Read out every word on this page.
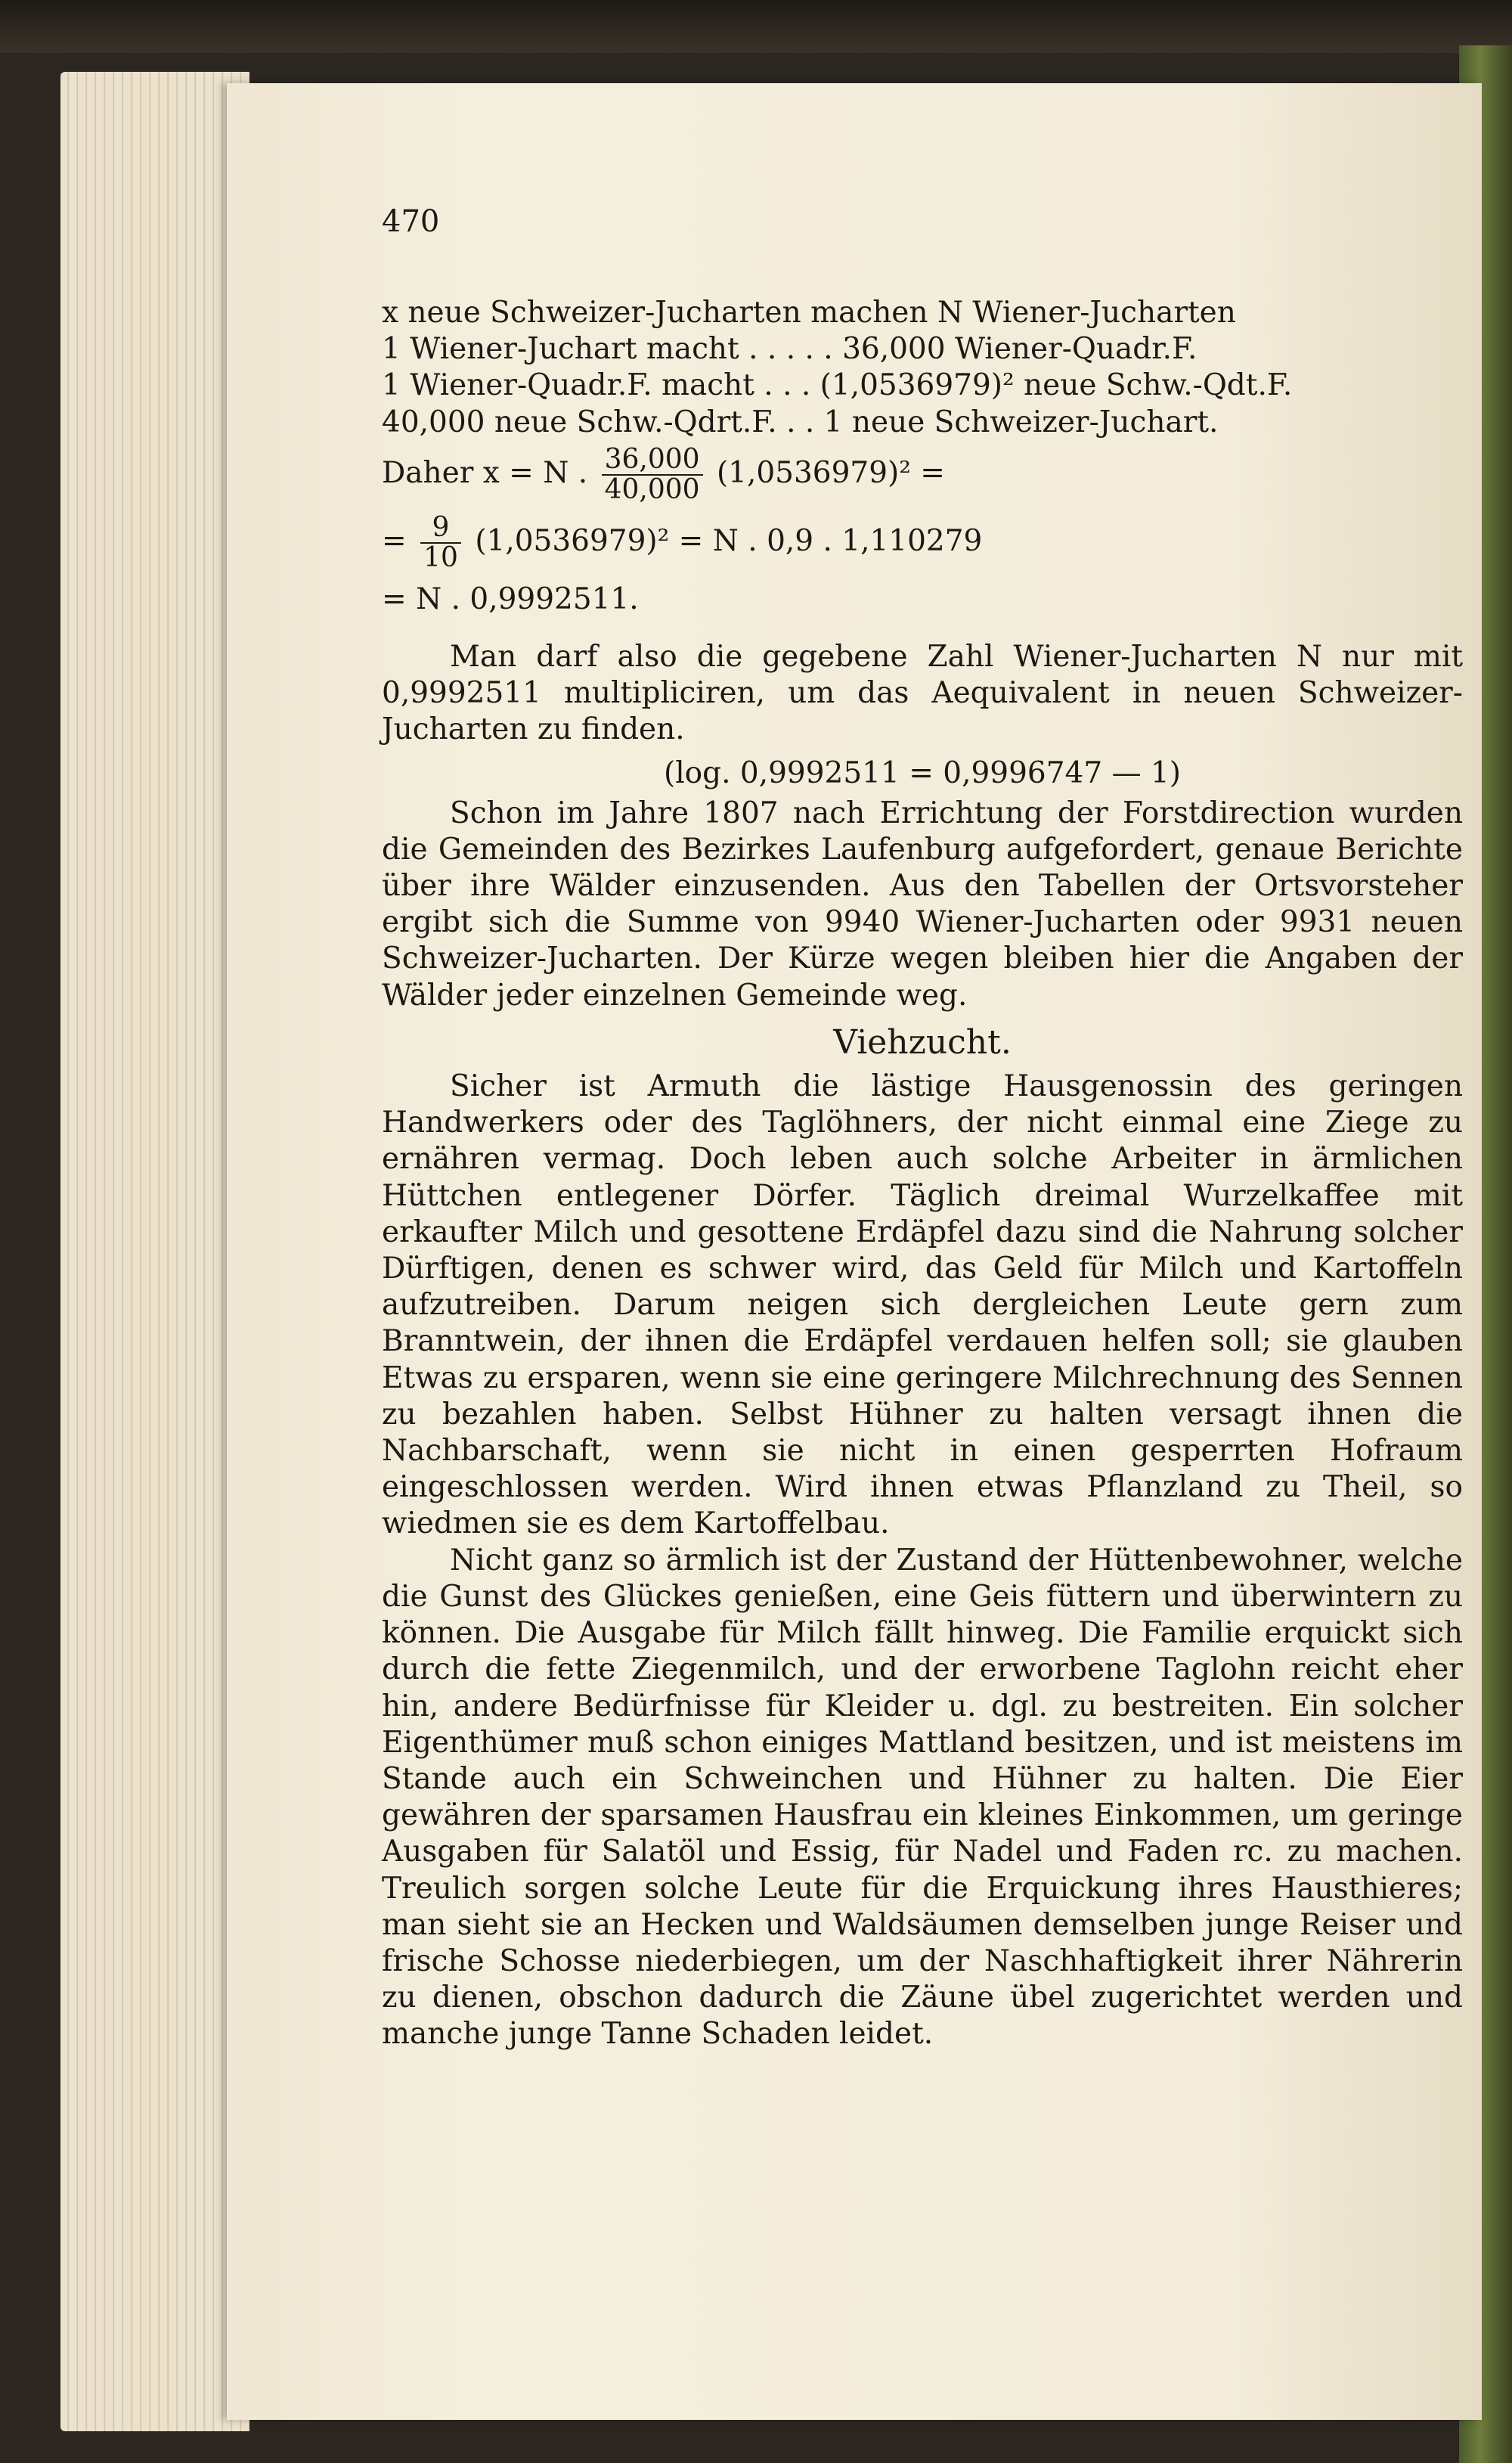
470
x neue Schweizer-Jucharten machen N Wiener-Jucharten
1 Wiener-Juchart macht . . . . . 36,000 Wiener-Quadr.F.
1 Wiener-Quadr.F. macht . . . (1,0536979)² neue Schw.-Qdt.F.
40,000 neue Schw.-Qdrt.F. . . 1 neue Schweizer-Juchart.
Daher x = N . $\frac{36,000}{40,000} (1,0536979)^2$ =
= $\frac{9}{10} (1,0536979)^2 = N$ . 0,9 . 1,110279
= N . 0,9992511.

Man darf also die gegebene Zahl Wiener-Jucharten N nur mit 0,9992511 multipliciren, um das Aequivalent in neuen Schweizer-Jucharten zu finden.

(log. 0,9992511 = 0,9996747 — 1)

Schon im Jahre 1807 nach Errichtung der Forstdirection wurden die Gemeinden des Bezirkes Laufenburg aufgefordert, genaue Berichte über ihre Wälder einzusenden. Aus den Tabellen der Ortsvorsteher ergibt sich die Summe von 9940 Wiener-Jucharten oder 9931 neuen Schweizer-Jucharten. Der Kürze wegen bleiben hier die Angaben der Wälder jeder einzelnen Gemeinde weg.

Viehzucht.

Sicher ist Armuth die lästige Hausgenossin des geringen Handwerkers oder des Taglöhners, der nicht einmal eine Ziege zu ernähren vermag. Doch leben auch solche Arbeiter in ärmlichen Hüttchen entlegener Dörfer. Täglich dreimal Wurzelkaffee mit erkaufter Milch und gesottene Erdäpfel dazu sind die Nahrung solcher Dürftigen, denen es schwer wird, das Geld für Milch und Kartoffeln aufzutreiben. Darum neigen sich dergleichen Leute gern zum Branntwein, der ihnen die Erdäpfel verdauen helfen soll; sie glauben Etwas zu ersparen, wenn sie eine geringere Milchrechnung des Sennen zu bezahlen haben. Selbst Hühner zu halten versagt ihnen die Nachbarschaft, wenn sie nicht in einen gesperrten Hofraum eingeschlossen werden. Wird ihnen etwas Pflanzland zu Theil, so wiedmen sie es dem Kartoffelbau.

Nicht ganz so ärmlich ist der Zustand der Hüttenbewohner, welche die Gunst des Glückes genießen, eine Geis füttern und überwintern zu können. Die Ausgabe für Milch fällt hinweg. Die Familie erquickt sich durch die fette Ziegenmilch, und der erworbene Taglohn reicht eher hin, andere Bedürfnisse für Kleider u. dgl. zu bestreiten. Ein solcher Eigenthümer muß schon einiges Mattland besitzen, und ist meistens im Stande auch ein Schweinchen und Hühner zu halten. Die Eier gewähren der sparsamen Hausfrau ein kleines Einkommen, um geringe Ausgaben für Salatöl und Essig, für Nadel und Faden rc. zu machen. Treulich sorgen solche Leute für die Erquickung ihres Hausthieres; man sieht sie an Hecken und Waldsäumen demselben junge Reiser und frische Schosse niederbiegen, um der Naschhaftigkeit ihrer Nährerin zu dienen, obschon dadurch die Zäune übel zugerichtet werden und manche junge Tanne Schaden leidet.
